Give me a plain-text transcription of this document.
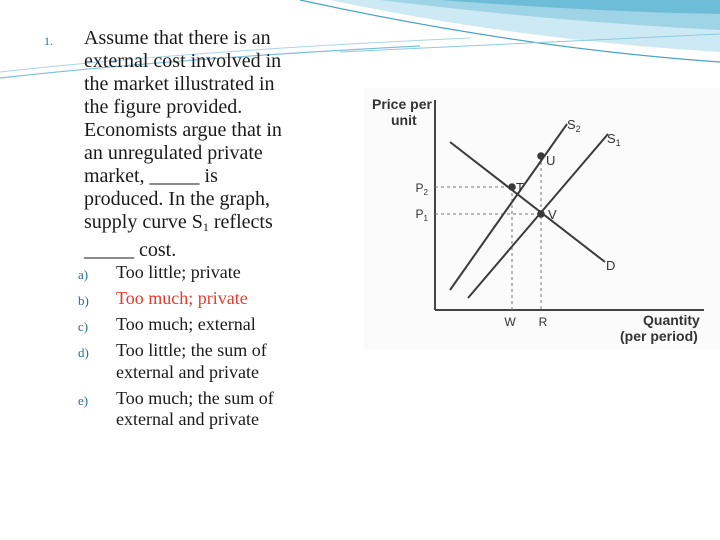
1. Assume that there is an
external cost involved in
the market illustrated in
the figure provided.
Economists argue that in
an unregulated private
market, _____ is
produced. In the graph,
supply curve $S_1$ reflects
_____ cost.
a) Too little; private
b) Too much; private
c) Too much; external
d) Too little; the sum of
external and private
e) Too much; the sum of
external and private
Price per
unit
Quantity
(per period)
$S_2$
$S_1$
D
$P_2$
$P_1$
T
U
V
W R
